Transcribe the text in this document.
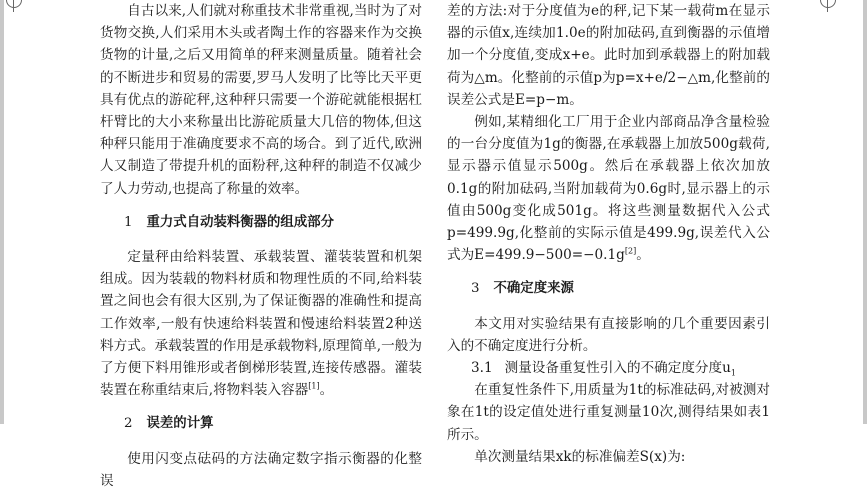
自古以来,人们就对称重技术非常重视,当时为了对货物交换,人们采用木头或者陶土作的容器来作为交换货物的计量,之后又用简单的秤来测量质量。随着社会的不断进步和贸易的需要,罗马人发明了比等比天平更具有优点的游砣秤,这种秤只需要一个游砣就能根据杠杆臂比的大小来称量出比游砣质量大几倍的物体,但这种秤只能用于准确度要求不高的场合。到了近代,欧洲人又制造了带提升机的面粉秤,这种秤的制造不仅减少了人力劳动,也提高了称量的效率。

1 重力式自动装料衡器的组成部分

定量秤由给料装置、承载装置、灌装装置和机架组成。因为装载的物料材质和物理性质的不同,给料装置之间也会有很大区别,为了保证衡器的准确性和提高工作效率,一般有快速给料装置和慢速给料装置2种送料方式。承载装置的作用是承载物料,原理简单,一般为了方便下料用锥形或者倒梯形装置,连接传感器。灌装装置在称重结束后,将物料装入容器[1]。

2 误差的计算

使用闪变点砝码的方法确定数字指示衡器的化整误

差的方法:对于分度值为e的秤,记下某一载荷m在显示器的示值x,连续加1.0e的附加砝码,直到衡器的示值增加一个分度值,变成x+e。此时加到承载器上的附加载荷为△m。化整前的示值p为p=x+e/2−△m,化整前的误差公式是E=p−m。

例如,某精细化工厂用于企业内部商品净含量检验的一台分度值为1g的衡器,在承载器上加放500g载荷,显示器示值显示500g。然后在承载器上依次加放0.1g的附加砝码,当附加载荷为0.6g时,显示器上的示值由500g变化成501g。将这些测量数据代入公式p=499.9g,化整前的实际示值是499.9g,误差代入公式为E=499.9−500=−0.1g[2]。

3 不确定度来源

本文用对实验结果有直接影响的几个重要因素引入的不确定度进行分析。

3.1 测量设备重复性引入的不确定度分度$u_1$

在重复性条件下,用质量为1t的标准砝码,对被测对象在1t的设定值处进行重复测量10次,测得结果如表1所示。

单次测量结果xk的标准偏差S(x)为:
